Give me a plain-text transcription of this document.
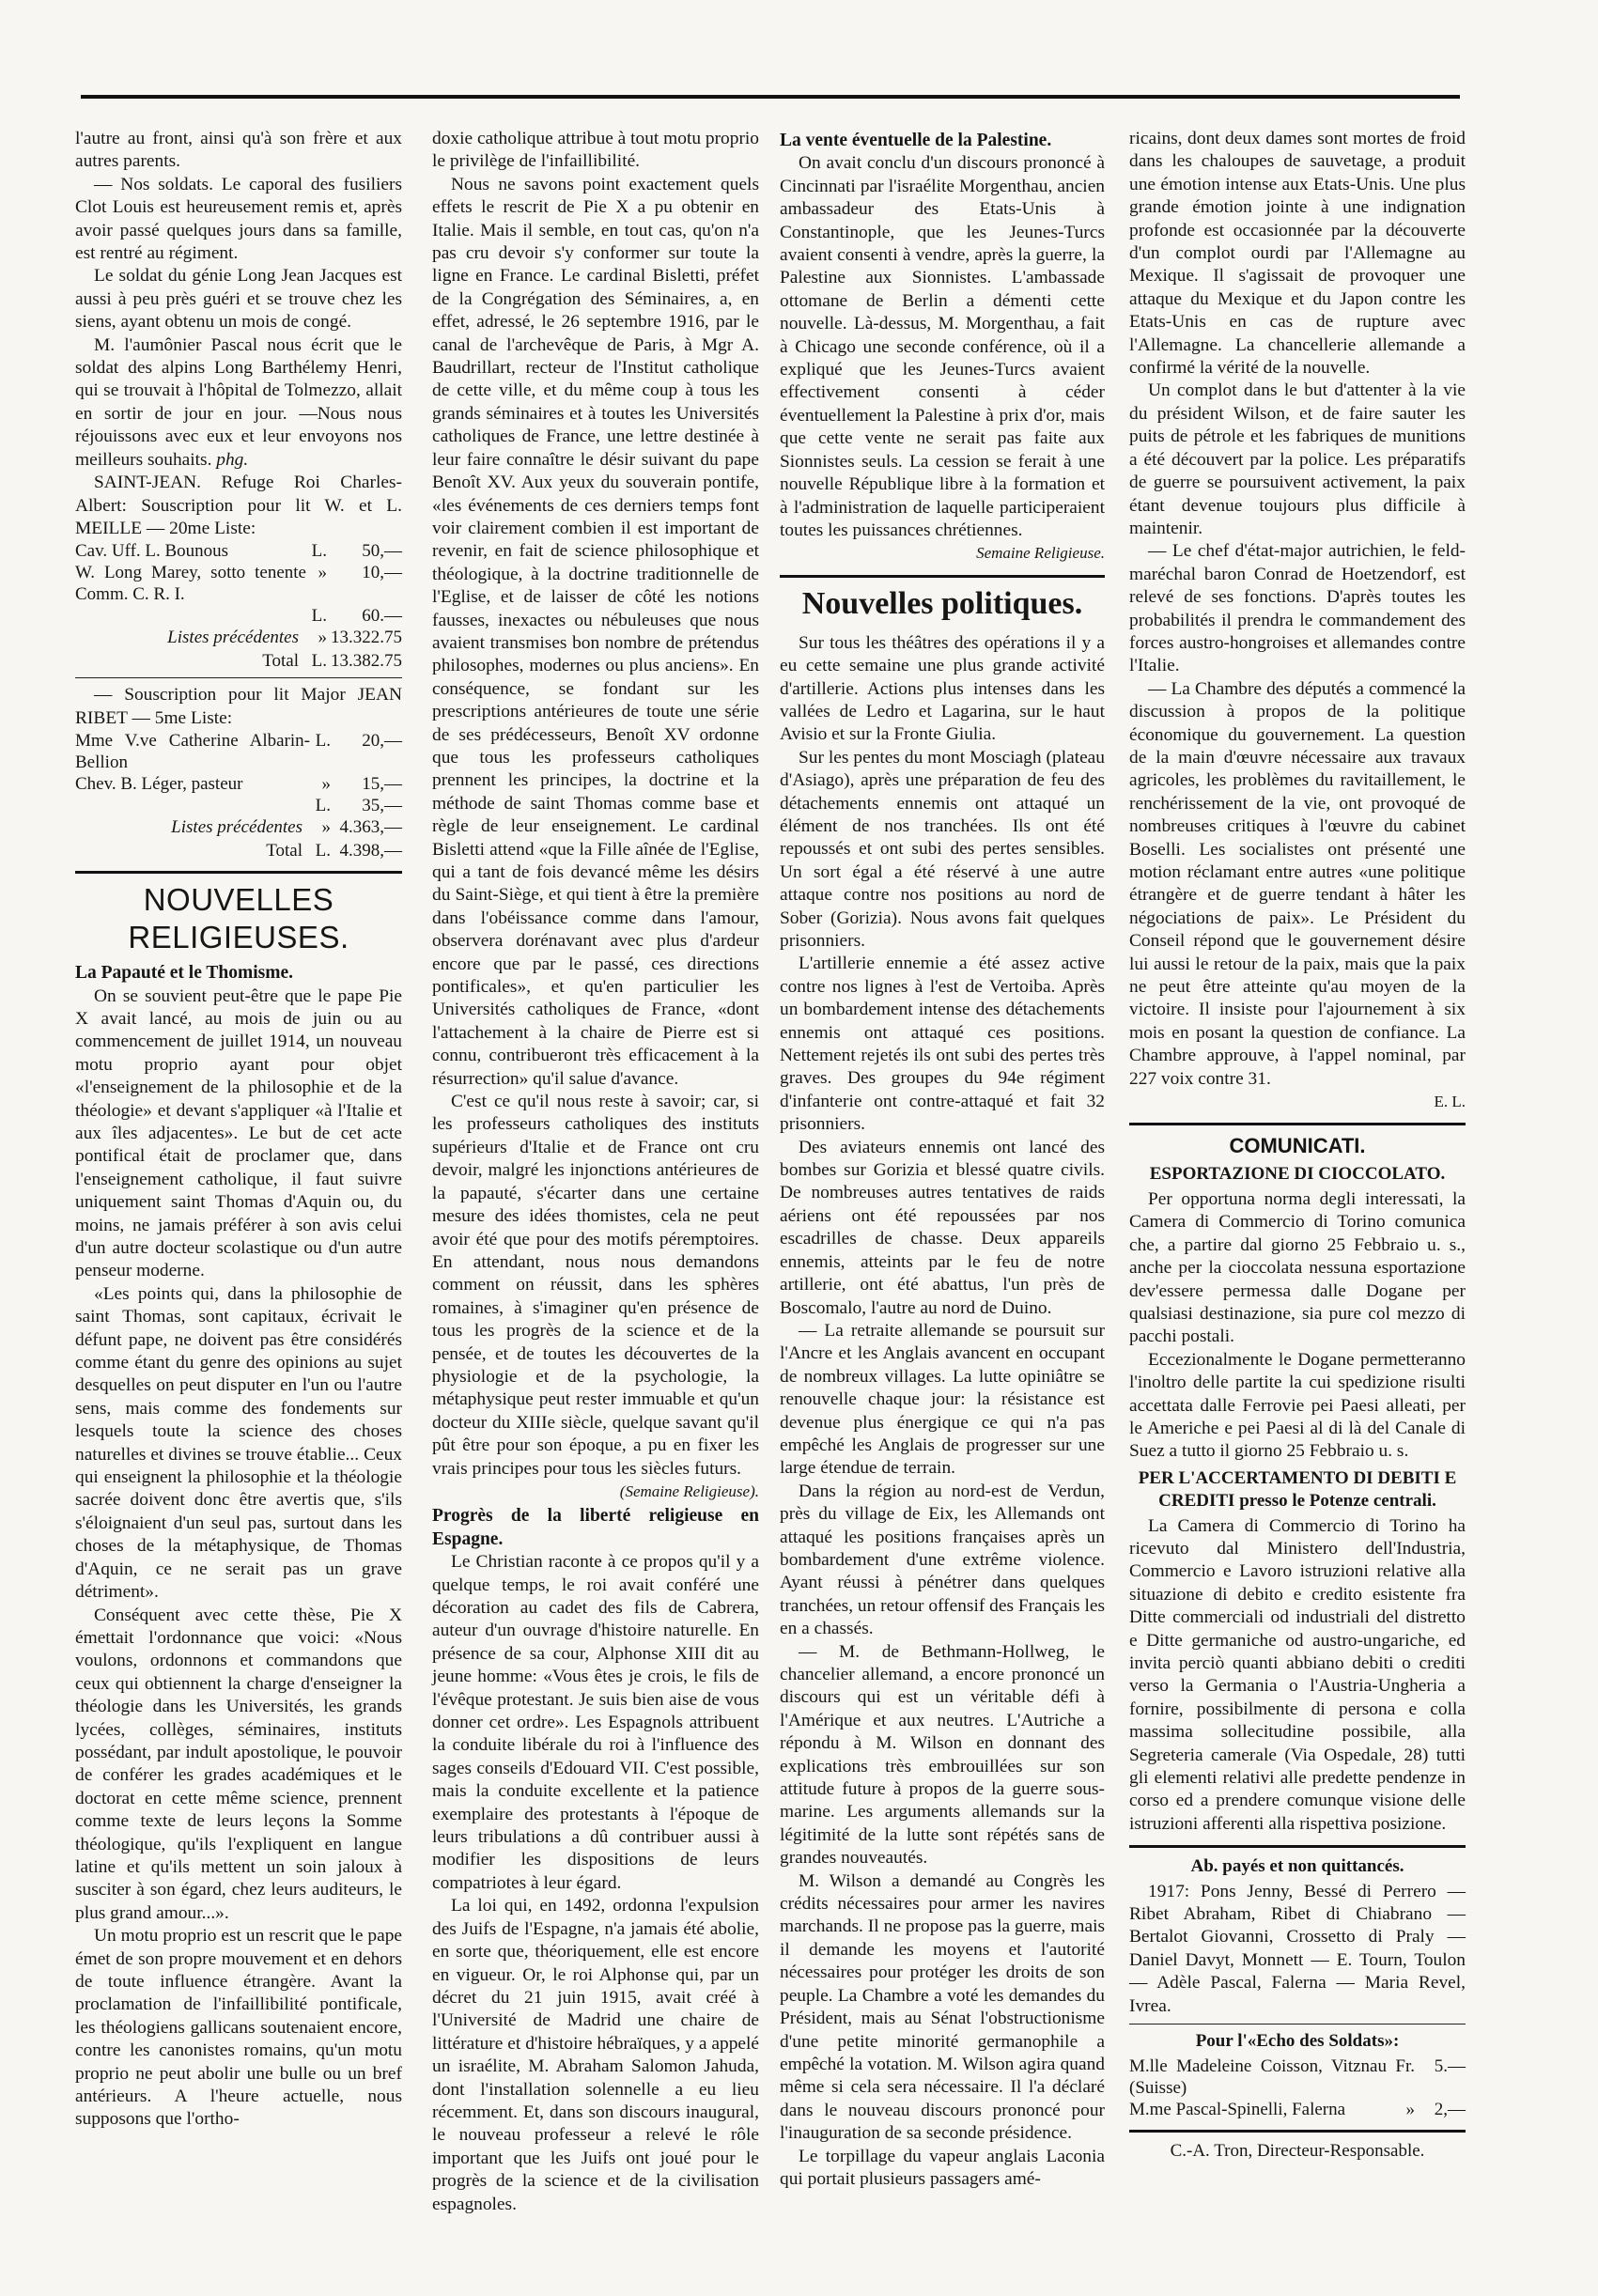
l'autre au front, ainsi qu'à son frère et aux autres parents.

— Nos soldats. Le caporal des fusiliers Clot Louis est heureusement remis et, après avoir passé quelques jours dans sa famille, est rentré au régiment.

Le soldat du génie Long Jean Jacques est aussi à peu près guéri et se trouve chez les siens, ayant obtenu un mois de congé.

M. l'aumônier Pascal nous écrit que le soldat des alpins Long Barthélemy Henri, qui se trouvait à l'hôpital de Tolmezzo, allait en sortir de jour en jour. —Nous nous réjouissons avec eux et leur envoyons nos meilleurs souhaits. phg.

SAINT-JEAN. Refuge Roi Charles-Albert: Souscription pour lit W. et L. MEILLE — 20me Liste:

Cav. Uff. L. Bounous	L.	50,—
W. Long Marey, sotto tenente Comm. C. R. I.	»	10,—
	L.	60.—
Listes précédentes	»	13.322.75
Total	L.	13.382.75

— Souscription pour lit Major JEAN RIBET — 5me Liste:

Mme V.ve Catherine Albarin-Bellion	L.	20,—
Chev. B. Léger, pasteur	»	15,—
	L.	35,—
Listes précédentes	»	4.363,—
Total	L.	4.398,—
NOUVELLES RELIGIEUSES.

La Papauté et le Thomisme.

On se souvient peut-être que le pape Pie X avait lancé, au mois de juin ou au commencement de juillet 1914, un nouveau motu proprio ayant pour objet «l'enseignement de la philosophie et de la théologie» et devant s'appliquer «à l'Italie et aux îles adjacentes». Le but de cet acte pontifical était de proclamer que, dans l'enseignement catholique, il faut suivre uniquement saint Thomas d'Aquin ou, du moins, ne jamais préférer à son avis celui d'un autre docteur scolastique ou d'un autre penseur moderne.

«Les points qui, dans la philosophie de saint Thomas, sont capitaux, écrivait le défunt pape, ne doivent pas être considérés comme étant du genre des opinions au sujet desquelles on peut disputer en l'un ou l'autre sens, mais comme des fondements sur lesquels toute la science des choses naturelles et divines se trouve établie... Ceux qui enseignent la philosophie et la théologie sacrée doivent donc être avertis que, s'ils s'éloignaient d'un seul pas, surtout dans les choses de la métaphysique, de Thomas d'Aquin, ce ne serait pas un grave détriment».

Conséquent avec cette thèse, Pie X émettait l'ordonnance que voici: «Nous voulons, ordonnons et commandons que ceux qui obtiennent la charge d'enseigner la théologie dans les Universités, les grands lycées, collèges, séminaires, instituts possédant, par indult apostolique, le pouvoir de conférer les grades académiques et le doctorat en cette même science, prennent comme texte de leurs leçons la Somme théologique, qu'ils l'expliquent en langue latine et qu'ils mettent un soin jaloux à susciter à son égard, chez leurs auditeurs, le plus grand amour...».

Un motu proprio est un rescrit que le pape émet de son propre mouvement et en dehors de toute influence étrangère. Avant la proclamation de l'infaillibilité pontificale, les théologiens gallicans soutenaient encore, contre les canonistes romains, qu'un motu proprio ne peut abolir une bulle ou un bref antérieurs. A l'heure actuelle, nous supposons que l'ortho-

doxie catholique attribue à tout motu proprio le privilège de l'infaillibilité.

Nous ne savons point exactement quels effets le rescrit de Pie X a pu obtenir en Italie. Mais il semble, en tout cas, qu'on n'a pas cru devoir s'y conformer sur toute la ligne en France. Le cardinal Bisletti, préfet de la Congrégation des Séminaires, a, en effet, adressé, le 26 septembre 1916, par le canal de l'archevêque de Paris, à Mgr A. Baudrillart, recteur de l'Institut catholique de cette ville, et du même coup à tous les grands séminaires et à toutes les Universités catholiques de France, une lettre destinée à leur faire connaître le désir suivant du pape Benoît XV. Aux yeux du souverain pontife, «les événements de ces derniers temps font voir clairement combien il est important de revenir, en fait de science philosophique et théologique, à la doctrine traditionnelle de l'Eglise, et de laisser de côté les notions fausses, inexactes ou nébuleuses que nous avaient transmises bon nombre de prétendus philosophes, modernes ou plus anciens». En conséquence, se fondant sur les prescriptions antérieures de toute une série de ses prédécesseurs, Benoît XV ordonne que tous les professeurs catholiques prennent les principes, la doctrine et la méthode de saint Thomas comme base et règle de leur enseignement. Le cardinal Bisletti attend «que la Fille aînée de l'Eglise, qui a tant de fois devancé même les désirs du Saint-Siège, et qui tient à être la première dans l'obéissance comme dans l'amour, observera dorénavant avec plus d'ardeur encore que par le passé, ces directions pontificales», et qu'en particulier les Universités catholiques de France, «dont l'attachement à la chaire de Pierre est si connu, contribueront très efficacement à la résurrection» qu'il salue d'avance.

C'est ce qu'il nous reste à savoir; car, si les professeurs catholiques des instituts supérieurs d'Italie et de France ont cru devoir, malgré les injonctions antérieures de la papauté, s'écarter dans une certaine mesure des idées thomistes, cela ne peut avoir été que pour des motifs péremptoires. En attendant, nous nous demandons comment on réussit, dans les sphères romaines, à s'imaginer qu'en présence de tous les progrès de la science et de la pensée, et de toutes les découvertes de la physiologie et de la psychologie, la métaphysique peut rester immuable et qu'un docteur du XIIIe siècle, quelque savant qu'il pût être pour son époque, a pu en fixer les vrais principes pour tous les siècles futurs.

(Semaine Religieuse).

Progrès de la liberté religieuse en Espagne.

Le Christian raconte à ce propos qu'il y a quelque temps, le roi avait conféré une décoration au cadet des fils de Cabrera, auteur d'un ouvrage d'histoire naturelle. En présence de sa cour, Alphonse XIII dit au jeune homme: «Vous êtes je crois, le fils de l'évêque protestant. Je suis bien aise de vous donner cet ordre». Les Espagnols attribuent la conduite libérale du roi à l'influence des sages conseils d'Edouard VII. C'est possible, mais la conduite excellente et la patience exemplaire des protestants à l'époque de leurs tribulations a dû contribuer aussi à modifier les dispositions de leurs compatriotes à leur égard.

La loi qui, en 1492, ordonna l'expulsion des Juifs de l'Espagne, n'a jamais été abolie, en sorte que, théoriquement, elle est encore en vigueur. Or, le roi Alphonse qui, par un décret du 21 juin 1915, avait créé à l'Université de Madrid une chaire de littérature et d'histoire hébraïques, y a appelé un israélite, M. Abraham Salomon Jahuda, dont l'installation solennelle a eu lieu récemment. Et, dans son discours inaugural, le nouveau professeur a relevé le rôle important que les Juifs ont joué pour le progrès de la science et de la civilisation espagnoles.

La vente éventuelle de la Palestine.

On avait conclu d'un discours prononcé à Cincinnati par l'israélite Morgenthau, ancien ambassadeur des Etats-Unis à Constantinople, que les Jeunes-Turcs avaient consenti à vendre, après la guerre, la Palestine aux Sionnistes. L'ambassade ottomane de Berlin a démenti cette nouvelle. Là-dessus, M. Morgenthau, a fait à Chicago une seconde conférence, où il a expliqué que les Jeunes-Turcs avaient effectivement consenti à céder éventuellement la Palestine à prix d'or, mais que cette vente ne serait pas faite aux Sionnistes seuls. La cession se ferait à une nouvelle République libre à la formation et à l'administration de laquelle participeraient toutes les puissances chrétiennes.

Semaine Religieuse.

Nouvelles politiques.

Sur tous les théâtres des opérations il y a eu cette semaine une plus grande activité d'artillerie. Actions plus intenses dans les vallées de Ledro et Lagarina, sur le haut Avisio et sur la Fronte Giulia.

Sur les pentes du mont Mosciagh (plateau d'Asiago), après une préparation de feu des détachements ennemis ont attaqué un élément de nos tranchées. Ils ont été repoussés et ont subi des pertes sensibles. Un sort égal a été réservé à une autre attaque contre nos positions au nord de Sober (Gorizia). Nous avons fait quelques prisonniers.

L'artillerie ennemie a été assez active contre nos lignes à l'est de Vertoiba. Après un bombardement intense des détachements ennemis ont attaqué ces positions. Nettement rejetés ils ont subi des pertes très graves. Des groupes du 94e régiment d'infanterie ont contre-attaqué et fait 32 prisonniers.

Des aviateurs ennemis ont lancé des bombes sur Gorizia et blessé quatre civils. De nombreuses autres tentatives de raids aériens ont été repoussées par nos escadrilles de chasse. Deux appareils ennemis, atteints par le feu de notre artillerie, ont été abattus, l'un près de Boscomalo, l'autre au nord de Duino.

— La retraite allemande se poursuit sur l'Ancre et les Anglais avancent en occupant de nombreux villages. La lutte opiniâtre se renouvelle chaque jour: la résistance est devenue plus énergique ce qui n'a pas empêché les Anglais de progresser sur une large étendue de terrain.

Dans la région au nord-est de Verdun, près du village de Eix, les Allemands ont attaqué les positions françaises après un bombardement d'une extrême violence. Ayant réussi à pénétrer dans quelques tranchées, un retour offensif des Français les en a chassés.

— M. de Bethmann-Hollweg, le chancelier allemand, a encore prononcé un discours qui est un véritable défi à l'Amérique et aux neutres. L'Autriche a répondu à M. Wilson en donnant des explications très embrouillées sur son attitude future à propos de la guerre sous-marine. Les arguments allemands sur la légitimité de la lutte sont répétés sans de grandes nouveautés.

M. Wilson a demandé au Congrès les crédits nécessaires pour armer les navires marchands. Il ne propose pas la guerre, mais il demande les moyens et l'autorité nécessaires pour protéger les droits de son peuple. La Chambre a voté les demandes du Président, mais au Sénat l'obstructionisme d'une petite minorité germanophile a empêché la votation. M. Wilson agira quand même si cela sera nécessaire. Il l'a déclaré dans le nouveau discours prononcé pour l'inauguration de sa seconde présidence.

Le torpillage du vapeur anglais Laconia qui portait plusieurs passagers amé-

ricains, dont deux dames sont mortes de froid dans les chaloupes de sauvetage, a produit une émotion intense aux Etats-Unis. Une plus grande émotion jointe à une indignation profonde est occasionnée par la découverte d'un complot ourdi par l'Allemagne au Mexique. Il s'agissait de provoquer une attaque du Mexique et du Japon contre les Etats-Unis en cas de rupture avec l'Allemagne. La chancellerie allemande a confirmé la vérité de la nouvelle.

Un complot dans le but d'attenter à la vie du président Wilson, et de faire sauter les puits de pétrole et les fabriques de munitions a été découvert par la police. Les préparatifs de guerre se poursuivent activement, la paix étant devenue toujours plus difficile à maintenir.

— Le chef d'état-major autrichien, le feld-maréchal baron Conrad de Hoetzendorf, est relevé de ses fonctions. D'après toutes les probabilités il prendra le commandement des forces austro-hongroises et allemandes contre l'Italie.

— La Chambre des députés a commencé la discussion à propos de la politique économique du gouvernement. La question de la main d'œuvre nécessaire aux travaux agricoles, les problèmes du ravitaillement, le renchérissement de la vie, ont provoqué de nombreuses critiques à l'œuvre du cabinet Boselli. Les socialistes ont présenté une motion réclamant entre autres «une politique étrangère et de guerre tendant à hâter les négociations de paix». Le Président du Conseil répond que le gouvernement désire lui aussi le retour de la paix, mais que la paix ne peut être atteinte qu'au moyen de la victoire. Il insiste pour l'ajournement à six mois en posant la question de confiance. La Chambre approuve, à l'appel nominal, par 227 voix contre 31.

E. L.

COMUNICATI.

ESPORTAZIONE DI CIOCCOLATO.

Per opportuna norma degli interessati, la Camera di Commercio di Torino comunica che, a partire dal giorno 25 Febbraio u. s., anche per la cioccolata nessuna esportazione dev'essere permessa dalle Dogane per qualsiasi destinazione, sia pure col mezzo di pacchi postali.

Eccezionalmente le Dogane permetteranno l'inoltro delle partite la cui spedizione risulti accettata dalle Ferrovie pei Paesi alleati, per le Americhe e pei Paesi al di là del Canale di Suez a tutto il giorno 25 Febbraio u. s.

PER L'ACCERTAMENTO DI DEBITI E CREDITI presso le Potenze centrali.

La Camera di Commercio di Torino ha ricevuto dal Ministero dell'Industria, Commercio e Lavoro istruzioni relative alla situazione di debito e credito esistente fra Ditte commerciali od industriali del distretto e Ditte germaniche od austro-ungariche, ed invita perciò quanti abbiano debiti o crediti verso la Germania o l'Austria-Ungheria a fornire, possibilmente di persona e colla massima sollecitudine possibile, alla Segreteria camerale (Via Ospedale, 28) tutti gli elementi relativi alle predette pendenze in corso ed a prendere comunque visione delle istruzioni afferenti alla rispettiva posizione.

Ab. payés et non quittancés.

1917: Pons Jenny, Bessé di Perrero — Ribet Abraham, Ribet di Chiabrano — Bertalot Giovanni, Crossetto di Praly — Daniel Davyt, Monnett — E. Tourn, Toulon — Adèle Pascal, Falerna — Maria Revel, Ivrea.

Pour l'«Echo des Soldats»:

M.lle Madeleine Coisson, Vitznau (Suisse)	Fr.	5.—
M.me Pascal-Spinelli, Falerna	»	2,—

C.-A. Tron, Directeur-Responsable.
